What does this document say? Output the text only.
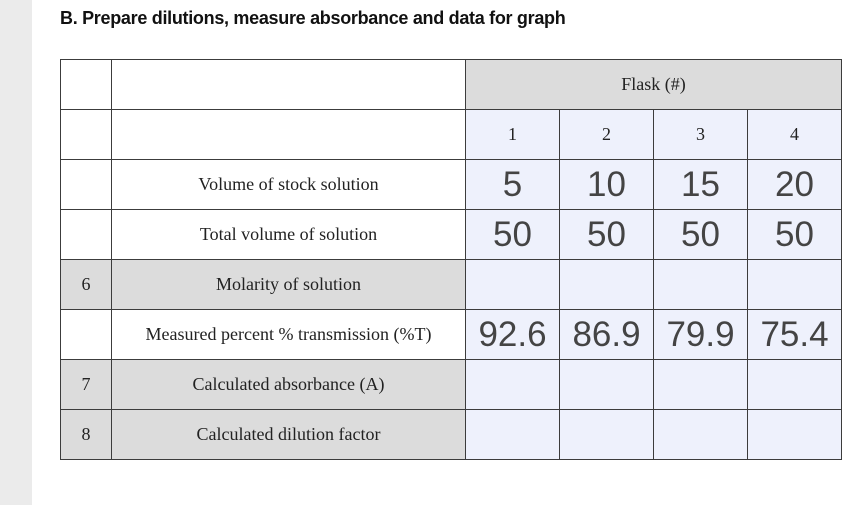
B. Prepare dilutions, measure absorbance and data for graph
		Flask (#)			
		1	2	3	4
	Volume of stock solution	5	10	15	20
	Total volume of solution	50	50	50	50
6	Molarity of solution				
	Measured percent % transmission (%T)	92.6	86.9	79.9	75.4
7	Calculated absorbance (A)				
8	Calculated dilution factor				
